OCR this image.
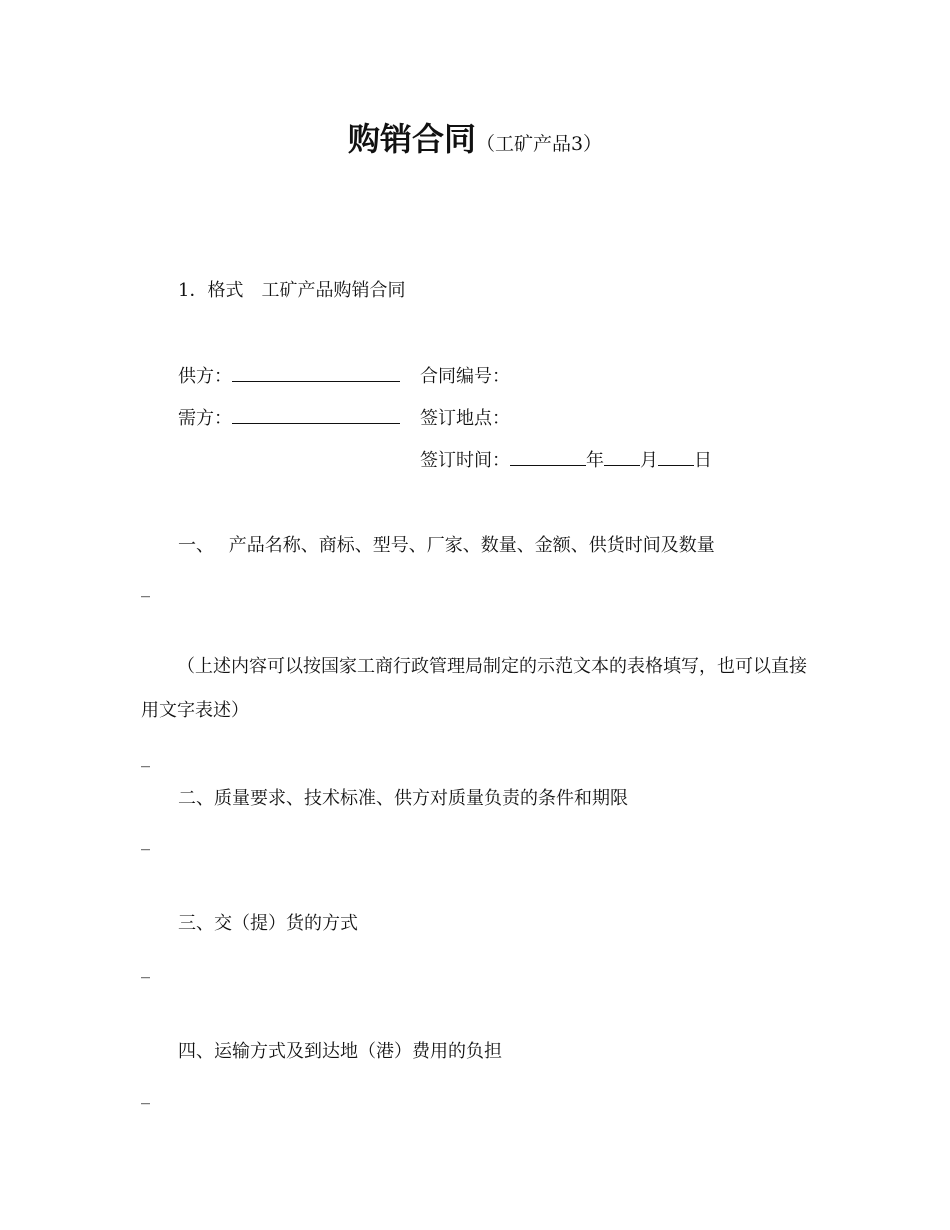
购销合同（工矿产品3）
1．格式　工矿产品购销合同
供方：	合同编号：
需方：	签订地点：
签订时间：	年 月 日
一、　 产品名称、商标、型号、厂家、数量、金额、供货时间及数量
_
（上述内容可以按国家工商行政管理局制定的示范文本的表格填写，也可以直接用文字表述）
_
二、质量要求、技术标准、供方对质量负责的条件和期限
_
三、交（提）货的方式
_
四、运输方式及到达地（港）费用的负担
_
